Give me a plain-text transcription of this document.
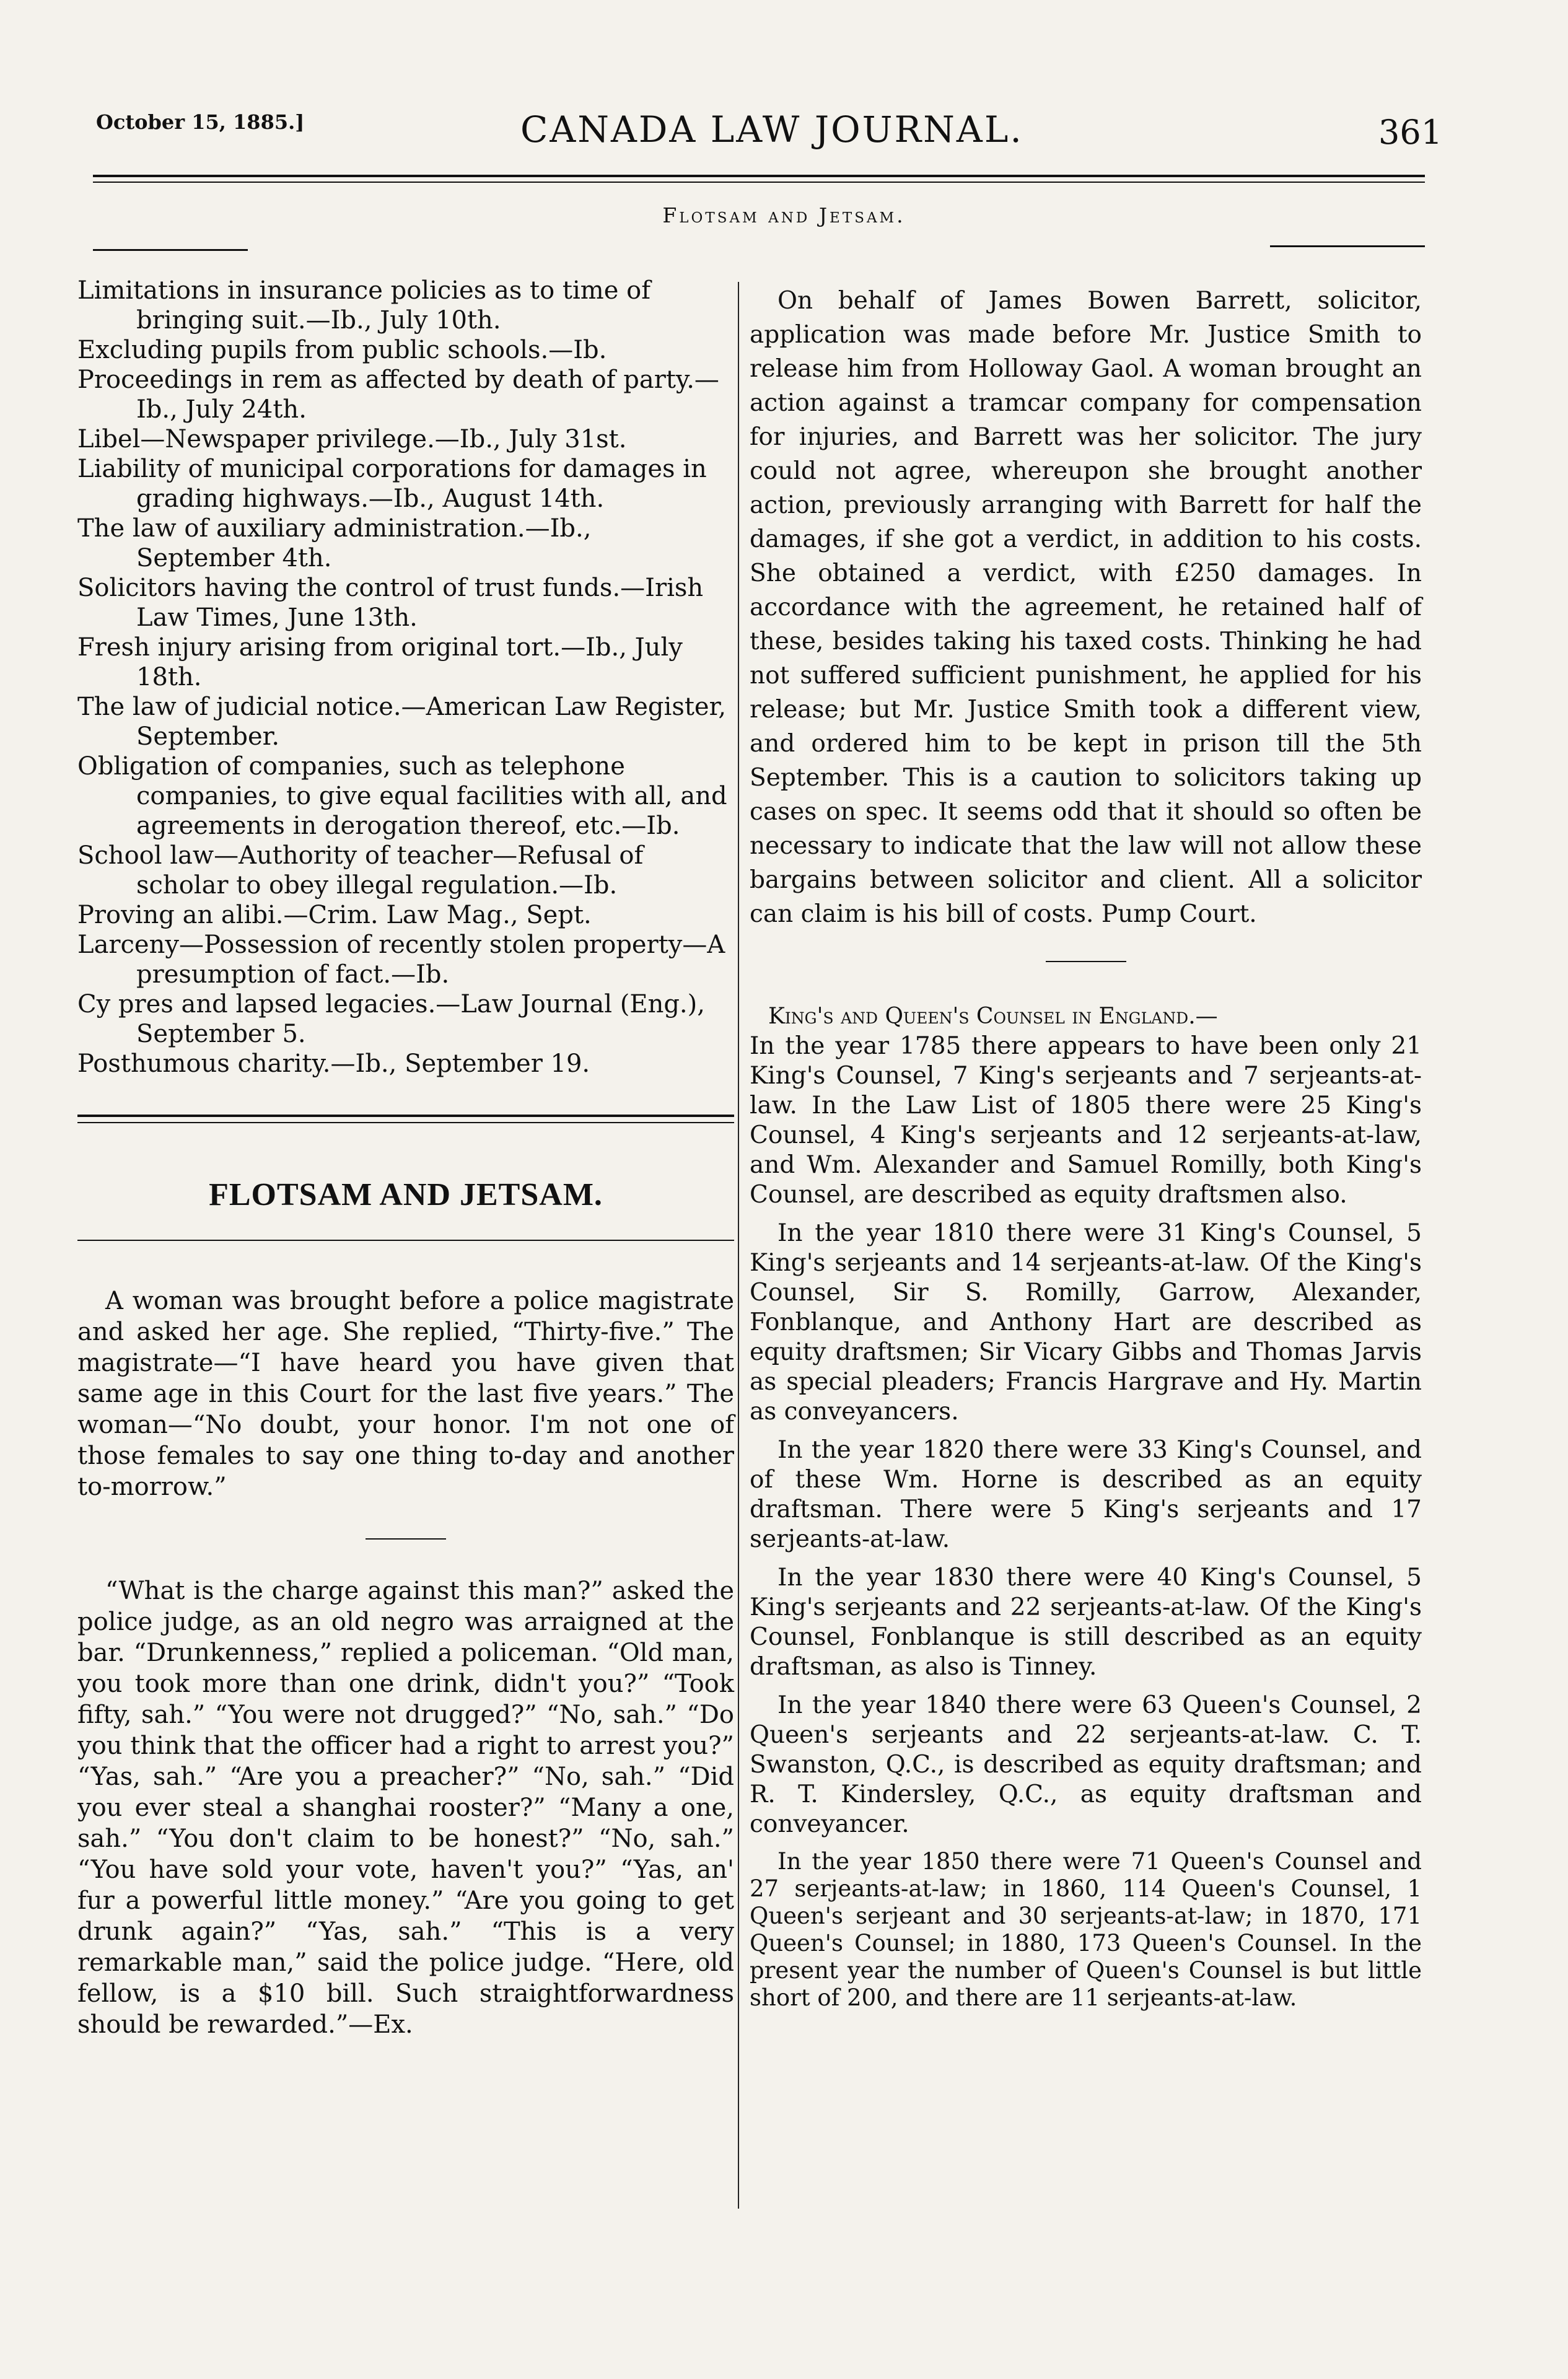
October 15, 1885.]	CANADA LAW JOURNAL.	361
Flotsam and Jetsam.

Limitations in insurance policies as to time of bringing suit.—Ib., July 10th.

Excluding pupils from public schools.—Ib.

Proceedings in rem as affected by death of party.—Ib., July 24th.

Libel—Newspaper privilege.—Ib., July 31st.

Liability of municipal corporations for damages in grading highways.—Ib., August 14th.

The law of auxiliary administration.—Ib., September 4th.

Solicitors having the control of trust funds.—Irish Law Times, June 13th.

Fresh injury arising from original tort.—Ib., July 18th.

The law of judicial notice.—American Law Register, September.

Obligation of companies, such as telephone companies, to give equal facilities with all, and agreements in derogation thereof, etc.—Ib.

School law—Authority of teacher—Refusal of scholar to obey illegal regulation.—Ib.

Proving an alibi.—Crim. Law Mag., Sept.

Larceny—Possession of recently stolen property—A presumption of fact.—Ib.

Cy pres and lapsed legacies.—Law Journal (Eng.), September 5.

Posthumous charity.—Ib., September 19.

FLOTSAM AND JETSAM.

A woman was brought before a police magistrate and asked her age. She replied, “Thirty-five.” The magistrate—“I have heard you have given that same age in this Court for the last five years.” The woman—“No doubt, your honor. I'm not one of those females to say one thing to-day and another to-morrow.”

“What is the charge against this man?” asked the police judge, as an old negro was arraigned at the bar. “Drunkenness,” replied a policeman. “Old man, you took more than one drink, didn't you?” “Took fifty, sah.” “You were not drugged?” “No, sah.” “Do you think that the officer had a right to arrest you?” “Yas, sah.” “Are you a preacher?” “No, sah.” “Did you ever steal a shanghai rooster?” “Many a one, sah.” “You don't claim to be honest?” “No, sah.” “You have sold your vote, haven't you?” “Yas, an' fur a powerful little money.” “Are you going to get drunk again?” “Yas, sah.” “This is a very remarkable man,” said the police judge. “Here, old fellow, is a $10 bill. Such straightforwardness should be rewarded.”—Ex.

On behalf of James Bowen Barrett, solicitor, application was made before Mr. Justice Smith to release him from Holloway Gaol. A woman brought an action against a tramcar company for compensation for injuries, and Barrett was her solicitor. The jury could not agree, whereupon she brought another action, previously arranging with Barrett for half the damages, if she got a verdict, in addition to his costs. She obtained a verdict, with £250 damages. In accordance with the agreement, he retained half of these, besides taking his taxed costs. Thinking he had not suffered sufficient punishment, he applied for his release; but Mr. Justice Smith took a different view, and ordered him to be kept in prison till the 5th September. This is a caution to solicitors taking up cases on spec. It seems odd that it should so often be necessary to indicate that the law will not allow these bargains between solicitor and client. All a solicitor can claim is his bill of costs. Pump Court.

King's and Queen's Counsel in England.—

In the year 1785 there appears to have been only 21 King's Counsel, 7 King's serjeants and 7 serjeants-at-law. In the Law List of 1805 there were 25 King's Counsel, 4 King's serjeants and 12 serjeants-at-law, and Wm. Alexander and Samuel Romilly, both King's Counsel, are described as equity draftsmen also.

In the year 1810 there were 31 King's Counsel, 5 King's serjeants and 14 serjeants-at-law. Of the King's Counsel, Sir S. Romilly, Garrow, Alexander, Fonblanque, and Anthony Hart are described as equity draftsmen; Sir Vicary Gibbs and Thomas Jarvis as special pleaders; Francis Hargrave and Hy. Martin as conveyancers.

In the year 1820 there were 33 King's Counsel, and of these Wm. Horne is described as an equity draftsman. There were 5 King's serjeants and 17 serjeants-at-law.

In the year 1830 there were 40 King's Counsel, 5 King's serjeants and 22 serjeants-at-law. Of the King's Counsel, Fonblanque is still described as an equity draftsman, as also is Tinney.

In the year 1840 there were 63 Queen's Counsel, 2 Queen's serjeants and 22 serjeants-at-law. C. T. Swanston, Q.C., is described as equity draftsman; and R. T. Kindersley, Q.C., as equity draftsman and conveyancer.

In the year 1850 there were 71 Queen's Counsel and 27 serjeants-at-law; in 1860, 114 Queen's Counsel, 1 Queen's serjeant and 30 serjeants-at-law; in 1870, 171 Queen's Counsel; in 1880, 173 Queen's Counsel. In the present year the number of Queen's Counsel is but little short of 200, and there are 11 serjeants-at-law.
